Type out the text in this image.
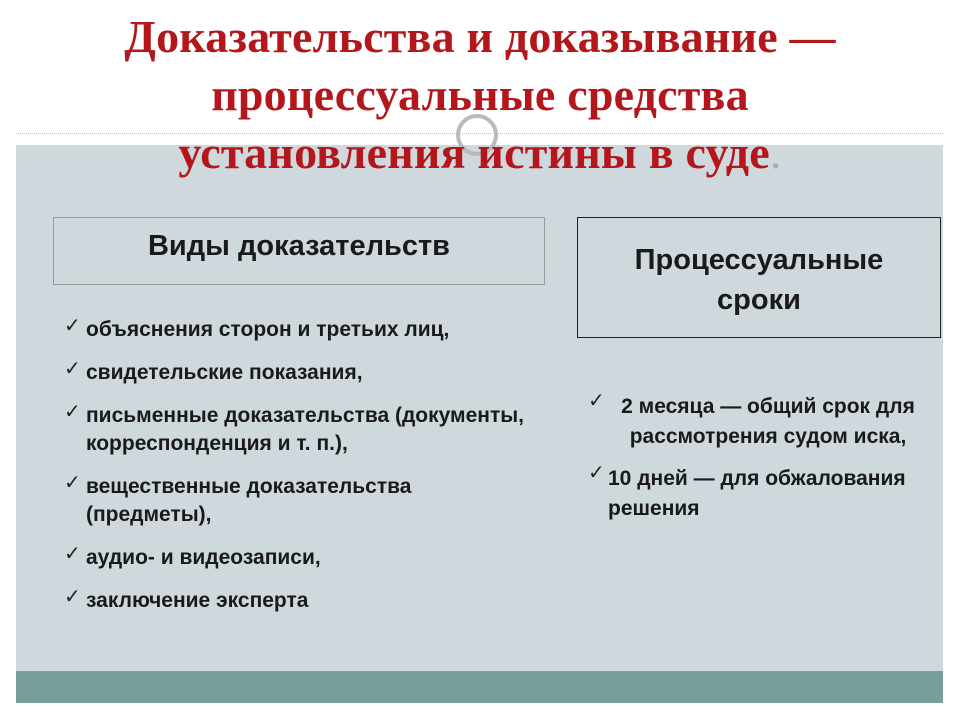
Доказательства и доказывание —
процессуальные средства
установления истины в суде.
Виды доказательств	Процессуальные сроки
✓ объяснения сторон и третьих лиц,
✓ свидетельские показания,
✓ письменные доказательства (документы, корреспонденция и т. п.),
✓ вещественные доказательства (предметы),
✓ аудио- и видеозаписи,
✓ заключение эксперта
✓ 2 месяца — общий срок для рассмотрения судом иска,
✓ 10 дней — для обжалования решения
